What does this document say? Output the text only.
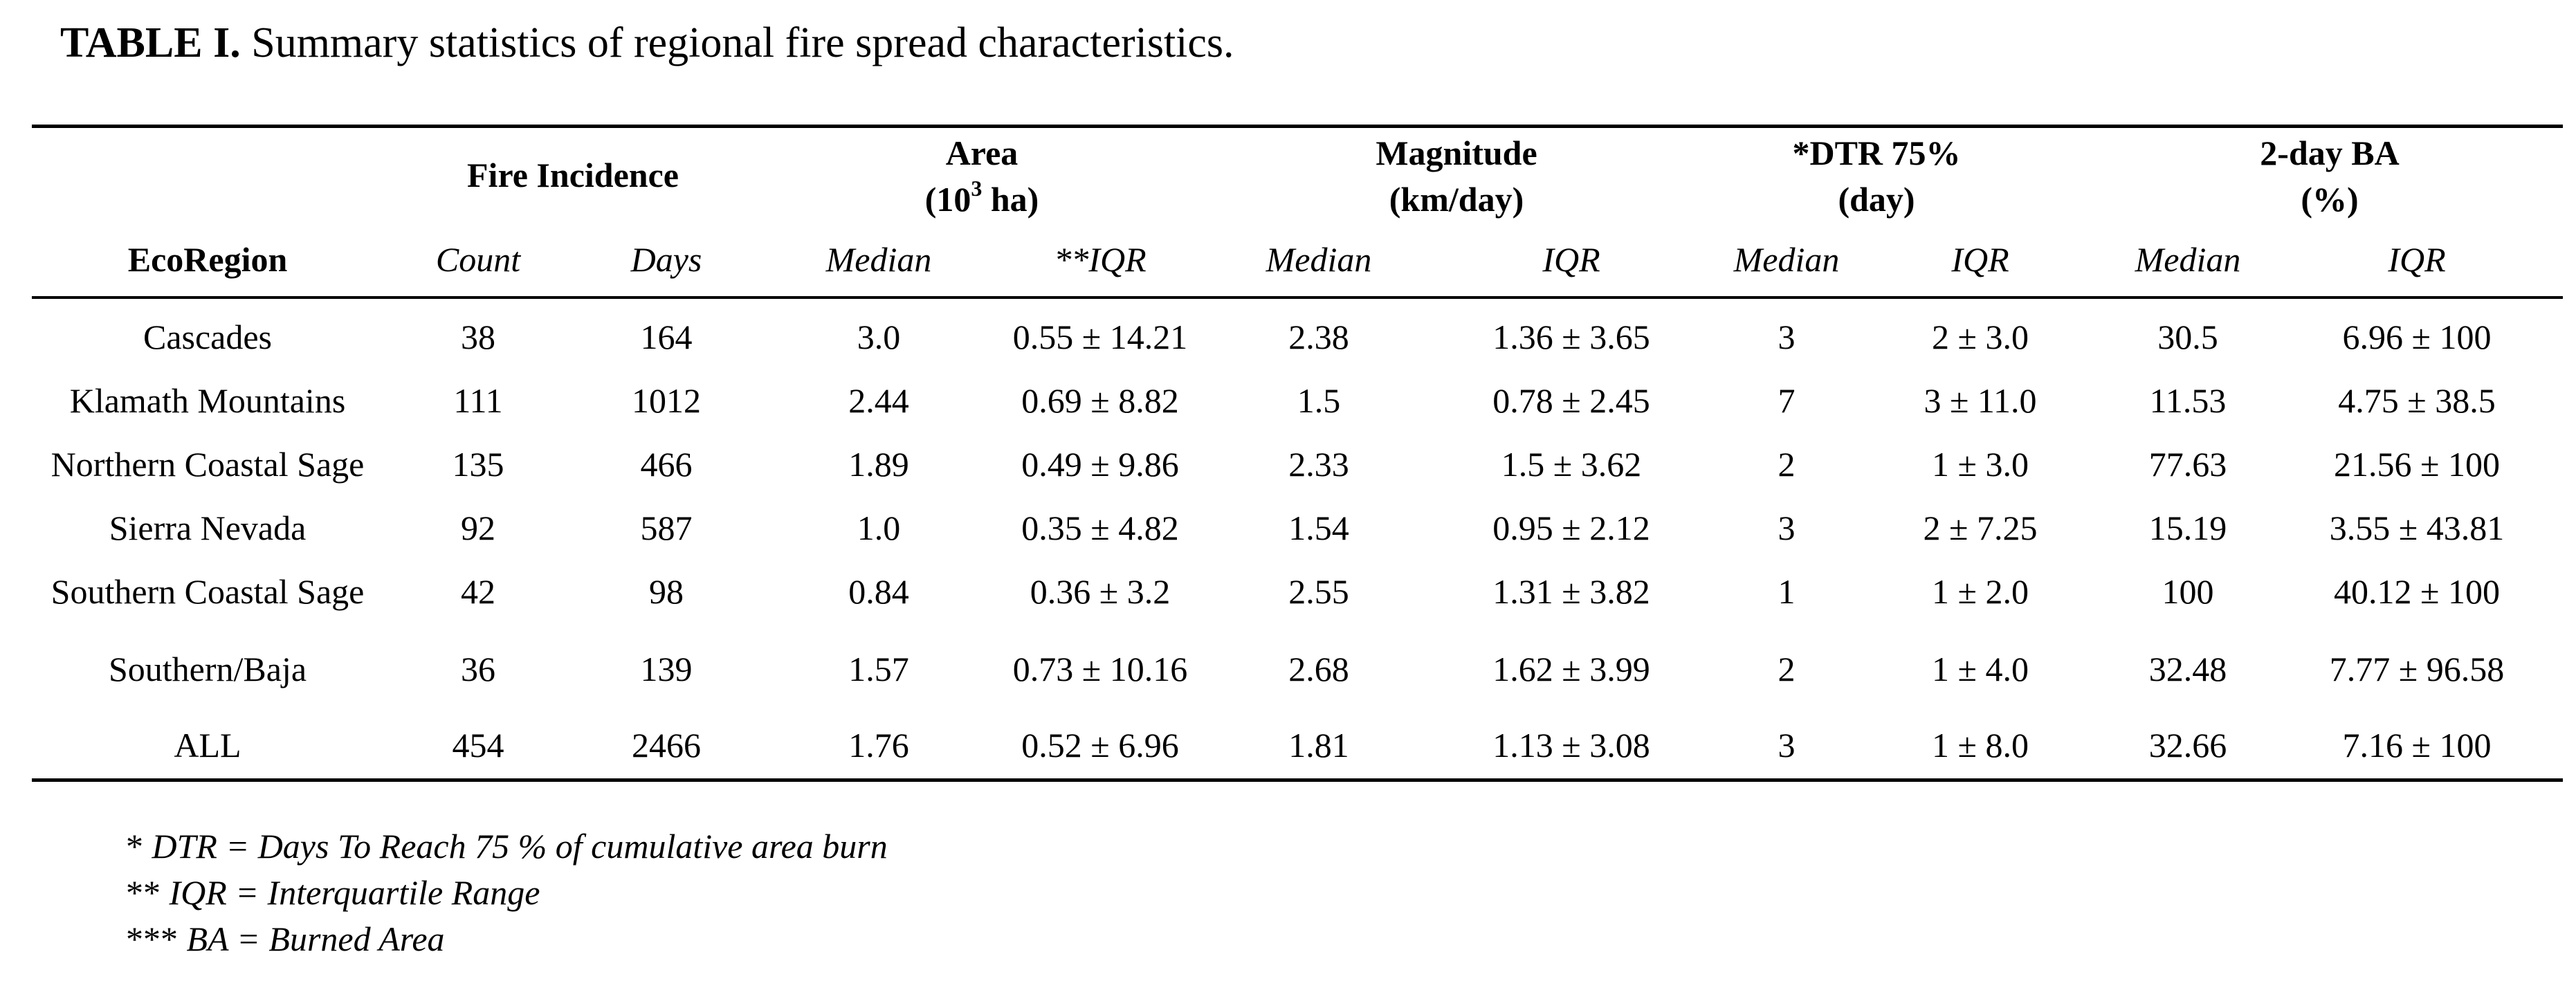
TABLE I. Summary statistics of regional fire spread characteristics.
Fire Incidence
Area
($10^3$ ha)
Magnitude
(km/day)
*DTR 75%
(day)
2-day BA
(%)
EcoRegion	Count	Days	Median	**IQR	Median	IQR	Median	IQR	Median	IQR
Cascades	38	164	3.0	0.55 ± 14.21	2.38	1.36 ± 3.65	3	2 ± 3.0	30.5	6.96 ± 100
Klamath Mountains	111	1012	2.44	0.69 ± 8.82	1.5	0.78 ± 2.45	7	3 ± 11.0	11.53	4.75 ± 38.5
Northern Coastal Sage	135	466	1.89	0.49 ± 9.86	2.33	1.5 ± 3.62	2	1 ± 3.0	77.63	21.56 ± 100
Sierra Nevada	92	587	1.0	0.35 ± 4.82	1.54	0.95 ± 2.12	3	2 ± 7.25	15.19	3.55 ± 43.81
Southern Coastal Sage	42	98	0.84	0.36 ± 3.2	2.55	1.31 ± 3.82	1	1 ± 2.0	100	40.12 ± 100
Southern/Baja	36	139	1.57	0.73 ± 10.16	2.68	1.62 ± 3.99	2	1 ± 4.0	32.48	7.77 ± 96.58
ALL	454	2466	1.76	0.52 ± 6.96	1.81	1.13 ± 3.08	3	1 ± 8.0	32.66	7.16 ± 100
* DTR = Days To Reach 75 % of cumulative area burn
** IQR = Interquartile Range
*** BA = Burned Area
